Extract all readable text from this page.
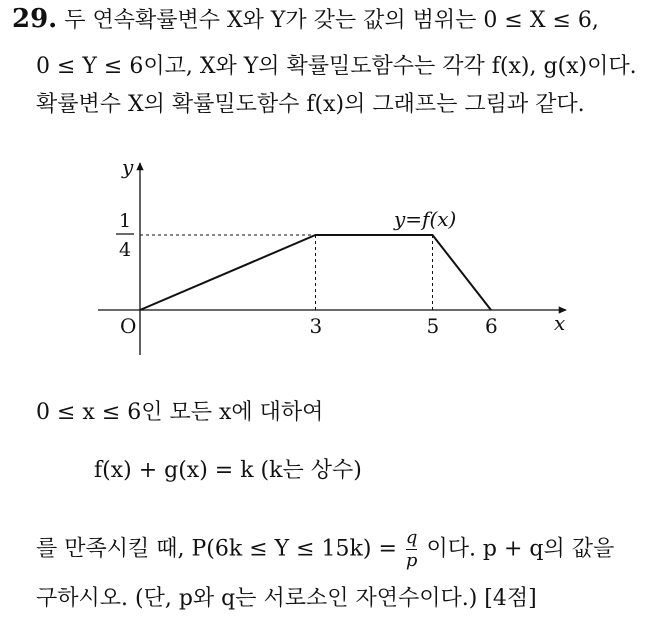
29. 두 연속확률변수 X와 Y가 갖는 값의 범위는 0 ≤ X ≤ 6,
0 ≤ Y ≤ 6이고, X와 Y의 확률밀도함수는 각각 f(x), g(x)이다.
확률변수 X의 확률밀도함수 f(x)의 그래프는 그림과 같다.
y
x
O
1
4
y=f(x)
3	5 6
0 ≤ x ≤ 6인 모든 x에 대하여
f(x) + g(x) = k (k는 상수)
를 만족시킬 때, $P(6k \le Y \le 15k) = \frac{q}{p}$ 이다. p + q의 값을
구하시오. (단, p와 q는 서로소인 자연수이다.) [4점]
